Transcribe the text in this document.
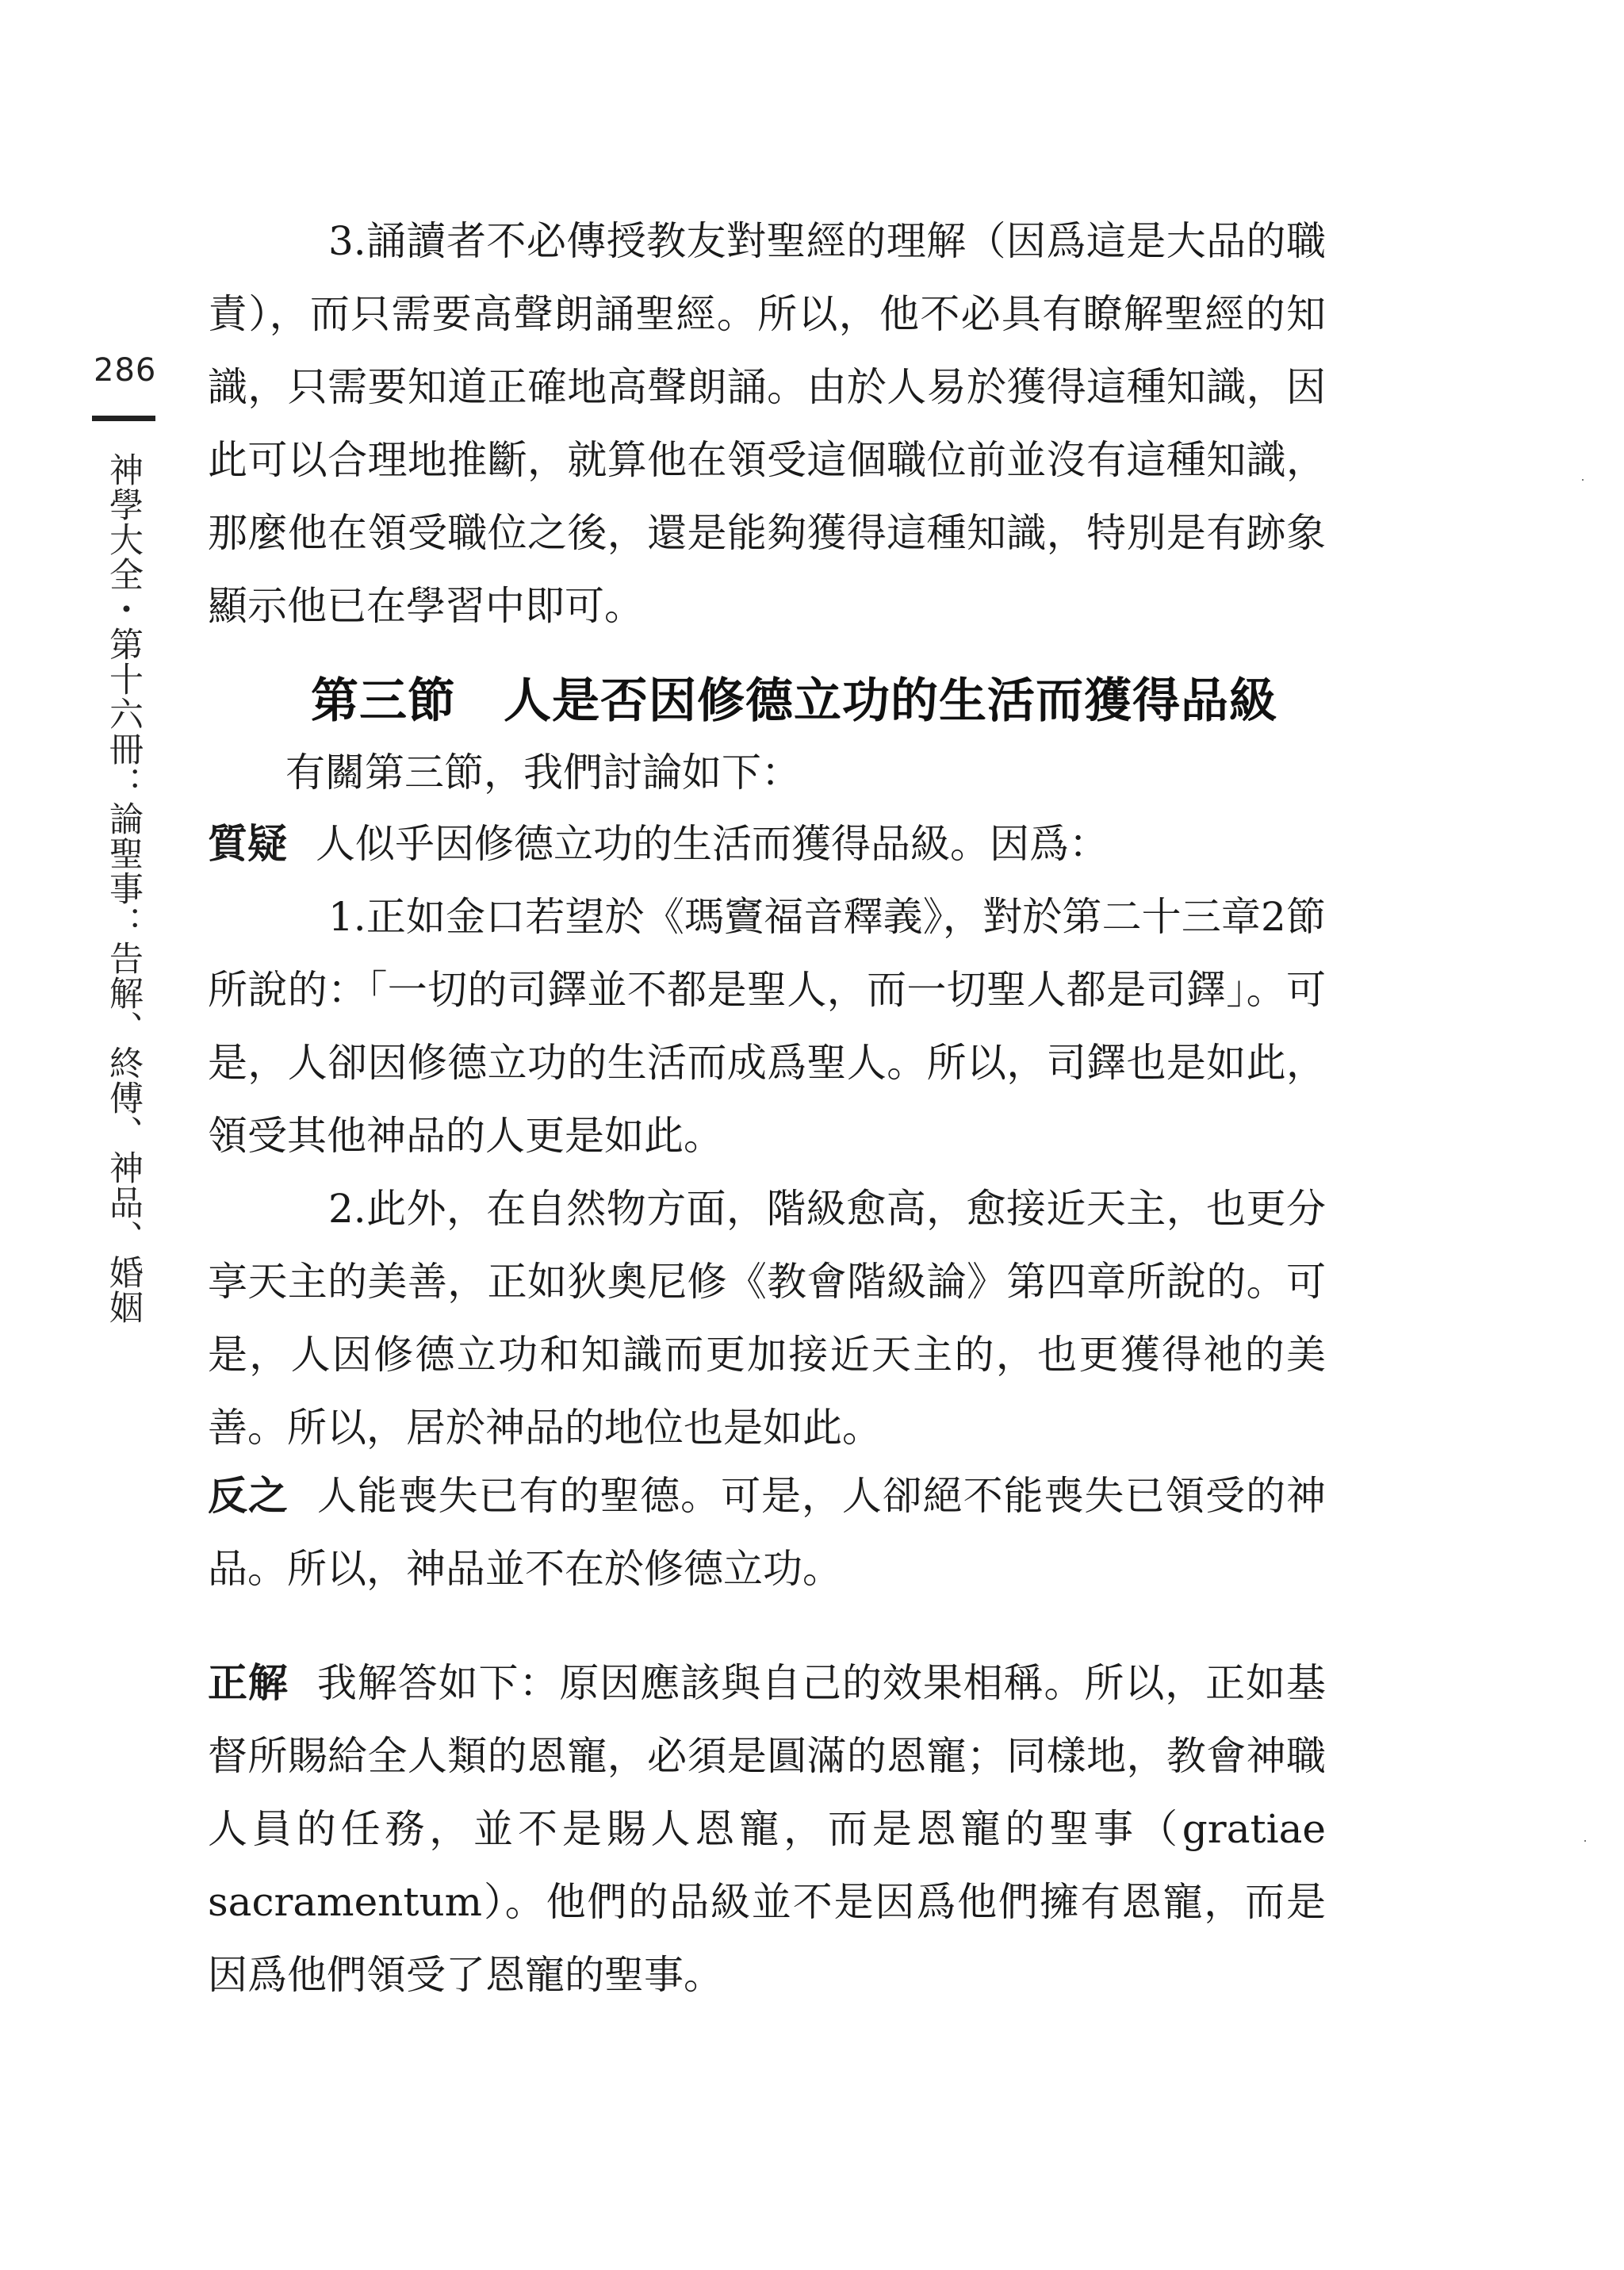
286
神學大全・第十六冊：論聖事：告解、終傅、神品、婚姻

3.誦讀者不必傳授教友對聖經的理解（因爲這是大品的職責），而只需要高聲朗誦聖經。所以，他不必具有瞭解聖經的知識，只需要知道正確地高聲朗誦。由於人易於獲得這種知識，因此可以合理地推斷，就算他在領受這個職位前並沒有這種知識，那麼他在領受職位之後，還是能夠獲得這種知識，特別是有跡象顯示他已在學習中即可。

第三節 人是否因修德立功的生活而獲得品級

有關第三節，我們討論如下：

質疑 人似乎因修德立功的生活而獲得品級。因爲：

1.正如金口若望於《瑪竇福音釋義》，對於第二十三章2節所說的：「一切的司鐸並不都是聖人，而一切聖人都是司鐸」。可是，人卻因修德立功的生活而成爲聖人。所以，司鐸也是如此，領受其他神品的人更是如此。

2.此外，在自然物方面，階級愈高，愈接近天主，也更分享天主的美善，正如狄奧尼修《教會階級論》第四章所說的。可是，人因修德立功和知識而更加接近天主的，也更獲得祂的美善。所以，居於神品的地位也是如此。

反之 人能喪失已有的聖德。可是，人卻絕不能喪失已領受的神品。所以，神品並不在於修德立功。

正解 我解答如下：原因應該與自己的效果相稱。所以，正如基督所賜給全人類的恩寵，必須是圓滿的恩寵；同樣地，教會神職人員的任務，並不是賜人恩寵，而是恩寵的聖事（gratiae sacramentum）。他們的品級並不是因爲他們擁有恩寵，而是因爲他們領受了恩寵的聖事。
